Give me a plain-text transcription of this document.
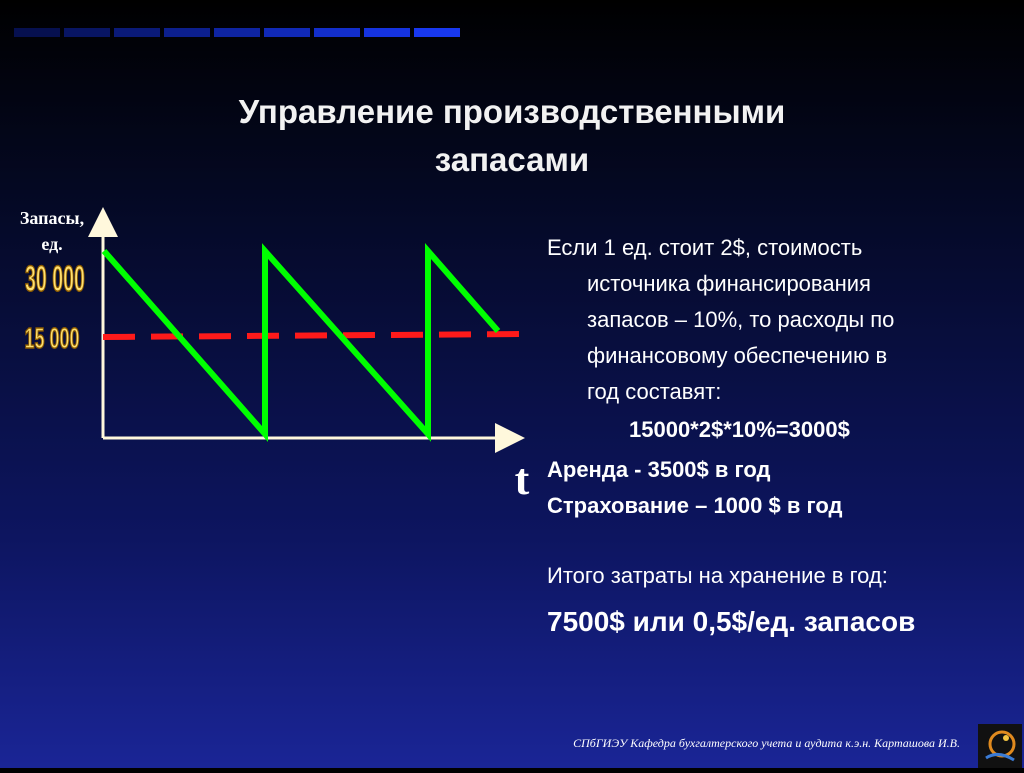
Управление производственными
запасами
Запасы,
ед.
t
30 000
15 000

Если 1 ед. стоит 2$, стоимость

источника финансирования

запасов – 10%, то расходы по

финансовому обеспечению в

год составят:

15000*2$*10%=3000$

Аренда - 3500$ в год

Страхование – 1000 $ в год

Итого затраты на хранение в год:

7500$ или 0,5$/ед. запасов

СПбГИЭУ Кафедра бухгалтерского учета и аудита к.э.н. Карташова И.В.
